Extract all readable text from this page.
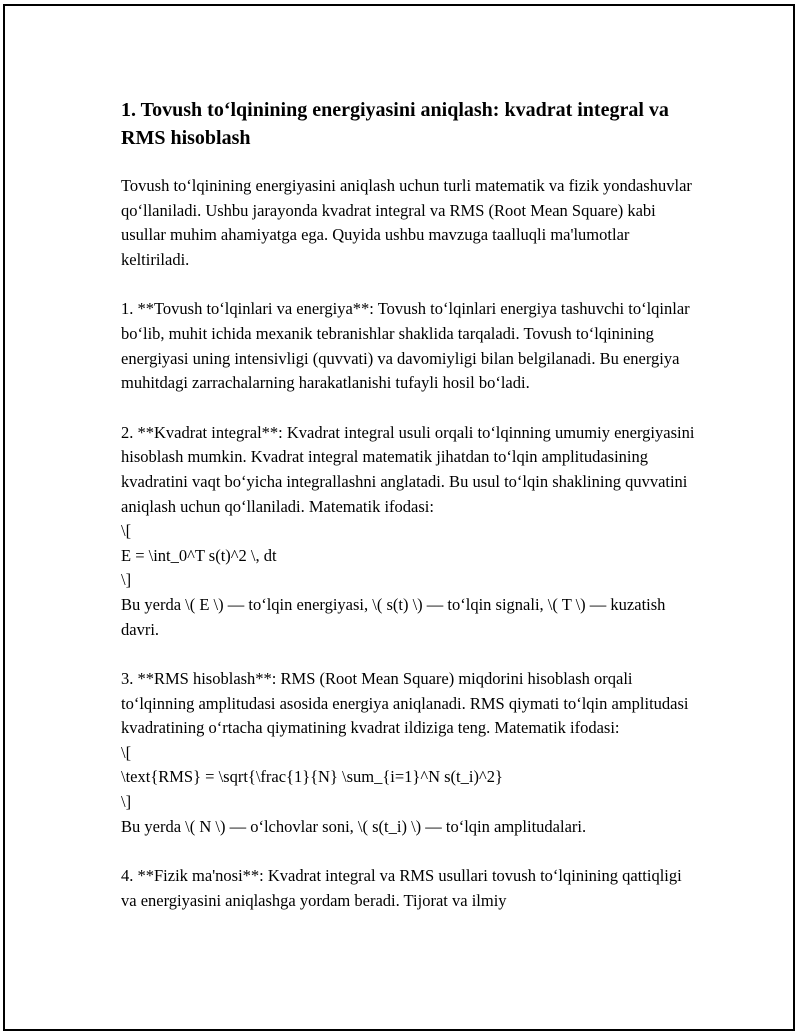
1. Tovush to‘lqinining energiyasini aniqlash: kvadrat integral va RMS hisoblash

Tovush to‘lqinining energiyasini aniqlash uchun turli matematik va fizik yondashuvlar qo‘llaniladi. Ushbu jarayonda kvadrat integral va RMS (Root Mean Square) kabi usullar muhim ahamiyatga ega. Quyida ushbu mavzuga taalluqli ma'lumotlar keltiriladi.

1. **Tovush to‘lqinlari va energiya**: Tovush to‘lqinlari energiya tashuvchi to‘lqinlar bo‘lib, muhit ichida mexanik tebranishlar shaklida tarqaladi. Tovush to‘lqinining energiyasi uning intensivligi (quvvati) va davomiyligi bilan belgilanadi. Bu energiya muhitdagi zarrachalarning harakatlanishi tufayli hosil bo‘ladi.

2. **Kvadrat integral**: Kvadrat integral usuli orqali to‘lqinning umumiy energiyasini hisoblash mumkin. Kvadrat integral matematik jihatdan to‘lqin amplitudasining kvadratini vaqt bo‘yicha integrallashni anglatadi. Bu usul to‘lqin shaklining quvvatini aniqlash uchun qo‘llaniladi. Matematik ifodasi:
\[
E = \int_0^T s(t)^2 \, dt
\]
Bu yerda \( E \) — to‘lqin energiyasi, \( s(t) \) — to‘lqin signali, \( T \) — kuzatish davri.

3. **RMS hisoblash**: RMS (Root Mean Square) miqdorini hisoblash orqali to‘lqinning amplitudasi asosida energiya aniqlanadi. RMS qiymati to‘lqin amplitudasi kvadratining o‘rtacha qiymatining kvadrat ildiziga teng. Matematik ifodasi:
\[
\text{RMS} = \sqrt{\frac{1}{N} \sum_{i=1}^N s(t_i)^2}
\]
Bu yerda \( N \) — o‘lchovlar soni, \( s(t_i) \) — to‘lqin amplitudalari.

4. **Fizik ma'nosi**: Kvadrat integral va RMS usullari tovush to‘lqinining qattiqligi va energiyasini aniqlashga yordam beradi. Tijorat va ilmiy
